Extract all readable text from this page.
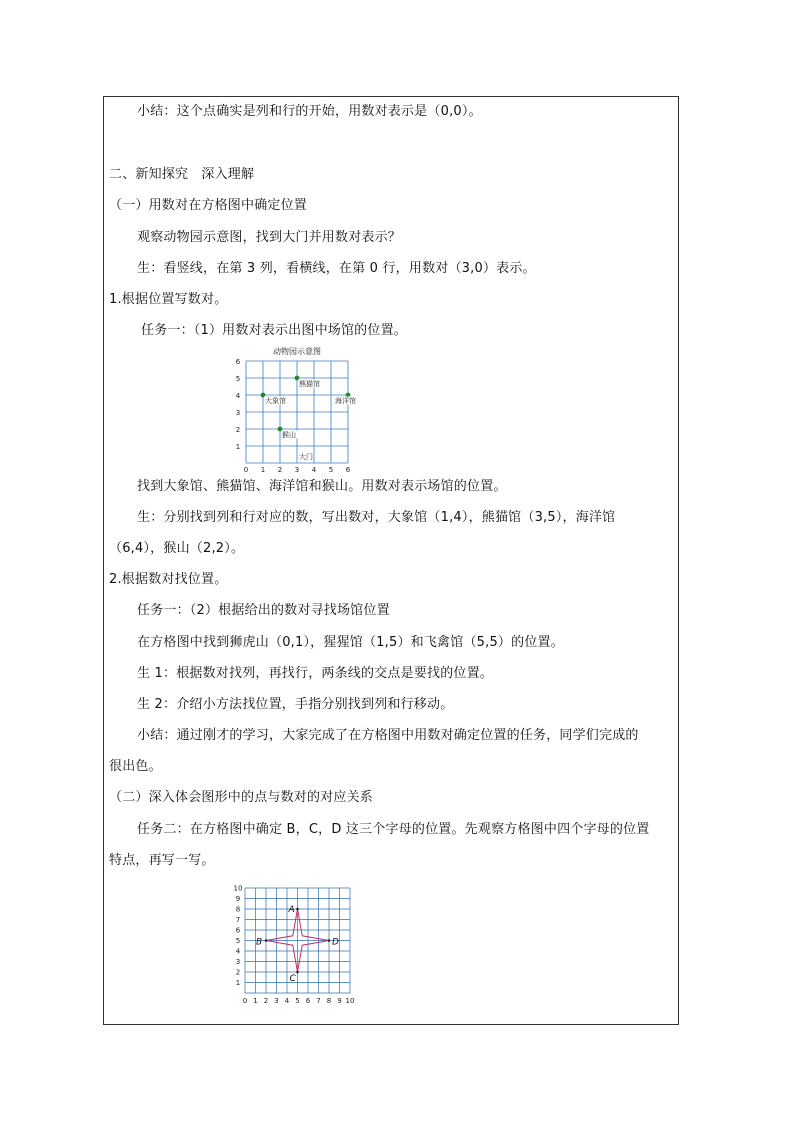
小结：这个点确实是列和行的开始，用数对表示是（0,0）。
二、新知探究　深入理解
（一）用数对在方格图中确定位置
观察动物园示意图，找到大门并用数对表示？
生：看竖线，在第 3 列，看横线，在第 0 行，用数对（3,0）表示。
1.根据位置写数对。
任务一：（1）用数对表示出图中场馆的位置。
动物园示意图
0 1 2 3 4 5 6
1
2
3
4
5
6
大象馆
熊猫馆
海洋馆
猴山
大门
找到大象馆、熊猫馆、海洋馆和猴山。用数对表示场馆的位置。
生：分别找到列和行对应的数，写出数对，大象馆（1,4），熊猫馆（3,5），海洋馆
（6,4），猴山（2,2）。
2.根据数对找位置。
任务一：（2）根据给出的数对寻找场馆位置
在方格图中找到狮虎山（0,1），猩猩馆（1,5）和飞禽馆（5,5）的位置。
生 1：根据数对找列，再找行，两条线的交点是要找的位置。
生 2：介绍小方法找位置，手指分别找到列和行移动。
小结：通过刚才的学习，大家完成了在方格图中用数对确定位置的任务，同学们完成的
很出色。
（二）深入体会图形中的点与数对的对应关系
任务二：在方格图中确定 B，C，D 这三个字母的位置。先观察方格图中四个字母的位置
特点，再写一写。
0 1 2 3 4 5 6 7 8 9 10
1
2
3
4
5
6
7
8
9
10
A
B
C
D
